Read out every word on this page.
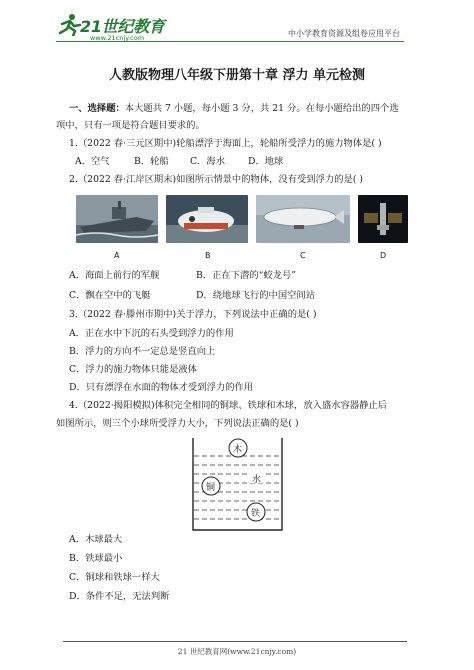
21世纪教育
www.21cnjy.com	中小学教育资源及组卷应用平台
人教版物理八年级下册第十章 浮力 单元检测
一、选择题：本大题共 7 小题，每小题 3 分，共 21 分。在每小题给出的四个选
项中，只有一项是符合题目要求的。
1.（2022 春·三元区期中)轮船漂浮于海面上，轮船所受浮力的施力物体是( )
A．空气	B．轮船 C．海水 D．地球
2.（2022 春·江岸区期末)如图所示情景中的物体，没有受到浮力的是( )
A	B	C	D
A．海面上前行的军舰	B．正在下潜的“蛟龙号”
C．飘在空中的飞艇	D．绕地球飞行的中国空间站
3.（2022 春·滕州市期中)关于浮力，下列说法中正确的是( )
A．正在水中下沉的石头受到浮力的作用
B．浮力的方向不一定总是竖直向上
C．浮力的施力物体只能是液体
D．只有漂浮在水面的物体才受到浮力的作用
4.（2022·揭阳模拟)体积完全相同的铜球、铁球和木球，放入盛水容器静止后
如图所示，则三个小球所受浮力大小，下列说法正确的是( )
木
铜
水
铁
A．木球最大
B．铁球最小
C．铜球和铁球一样大
D．条件不足，无法判断
21 世纪教育网(www.21cnjy.com)
